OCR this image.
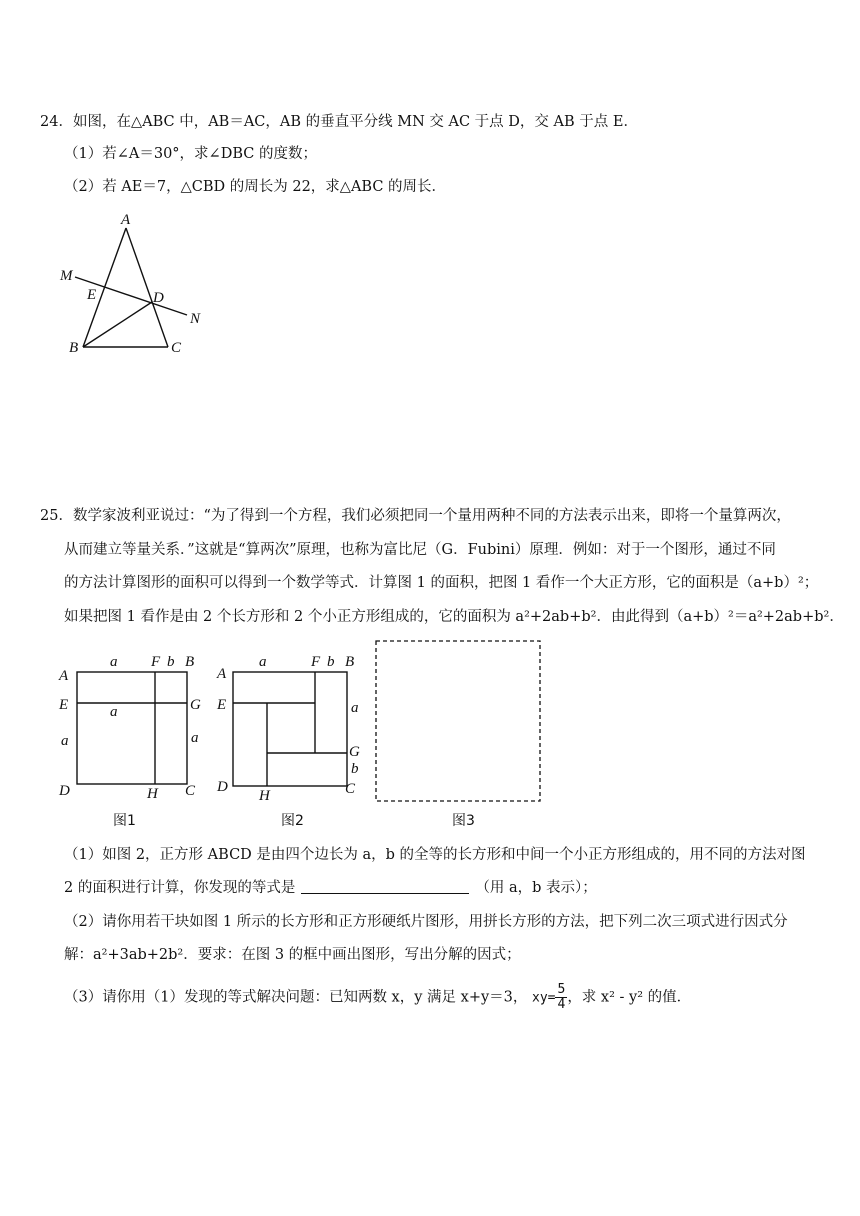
24．如图，在△ABC 中，AB＝AC，AB 的垂直平分线 MN 交 AC 于点 D，交 AB 于点 E．
（1）若∠A＝30°，求∠DBC 的度数；
（2）若 AE＝7，△CBD 的周长为 22，求△ABC 的周长．
A
B	C
D
E
M
N
25．数学家波利亚说过：“为了得到一个方程，我们必须把同一个量用两种不同的方法表示出来，即将一个量算两次，
从而建立等量关系．”这就是“算两次”原理，也称为富比尼（G．Fubini）原理．例如：对于一个图形，通过不同
的方法计算图形的面积可以得到一个数学等式．计算图 1 的面积，把图 1 看作一个大正方形，它的面积是（a+b）²；
如果把图 1 看作是由 2 个长方形和 2 个小正方形组成的，它的面积为 a²+2ab+b²．由此得到（a+b）²＝a²+2ab+b²．
A
F b B
a
E	G
a
a	a
D	H C
图1
A
a	F b B
E	a
G
b
D	C
H
图2	图3
（1）如图 2，正方形 ABCD 是由四个边长为 a，b 的全等的长方形和中间一个小正方形组成的，用不同的方法对图
2 的面积进行计算，你发现的等式是	（用 a，b 表示）；
（2）请你用若干块如图 1 所示的长方形和正方形硬纸片图形，用拼长方形的方法，把下列二次三项式进行因式分
解：a²+3ab+2b²．要求：在图 3 的框中画出图形，写出分解的因式；
（3）请你用（1）发现的等式解决问题：已知两数 x，y 满足 x+y＝3， $xy= \frac{5}{4}$ ，求 x² - y² 的值．
